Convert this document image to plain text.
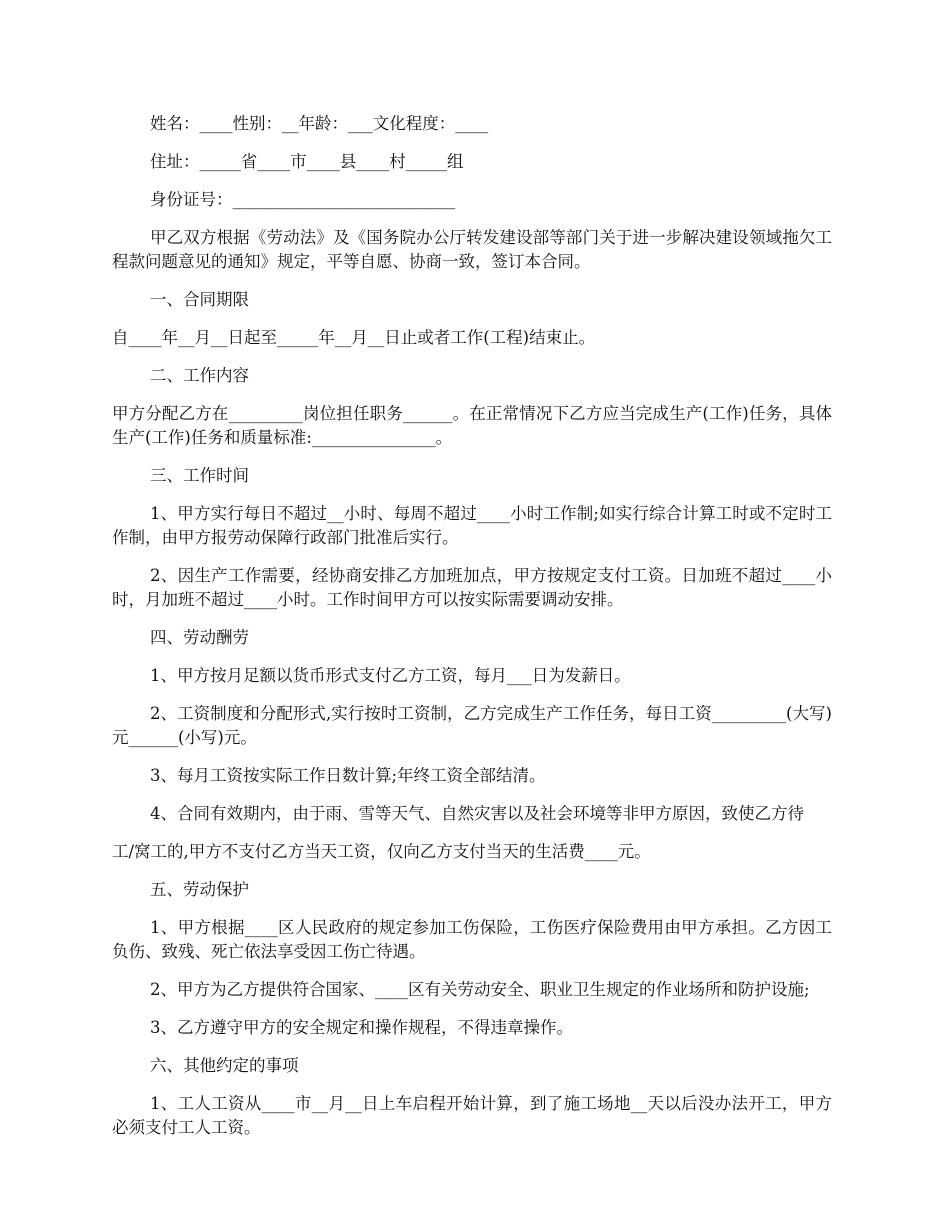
姓名：____性别：__年龄：___文化程度：____

住址：_____省____市____县____村_____组

身份证号：___________________________

甲乙双方根据《劳动法》及《国务院办公厅转发建设部等部门关于进一步解决建设领域拖欠工程款问题意见的通知》规定，平等自愿、协商一致，签订本合同。

一、合同期限

自____年__月__日起至_____年__月__日止或者工作(工程)结束止。

二、工作内容

甲方分配乙方在_________岗位担任职务______。在正常情况下乙方应当完成生产(工作)任务，具体生产(工作)任务和质量标准:_______________。

三、工作时间

1、甲方实行每日不超过__小时、每周不超过____小时工作制;如实行综合计算工时或不定时工作制，由甲方报劳动保障行政部门批准后实行。

2、因生产工作需要，经协商安排乙方加班加点，甲方按规定支付工资。日加班不超过____小时，月加班不超过____小时。工作时间甲方可以按实际需要调动安排。

四、劳动酬劳

1、甲方按月足额以货币形式支付乙方工资，每月___日为发薪日。

2、工资制度和分配形式,实行按时工资制，乙方完成生产工作任务，每日工资_________(大写)元______(小写)元。

3、每月工资按实际工作日数计算;年终工资全部结清。

4、合同有效期内，由于雨、雪等天气、自然灾害以及社会环境等非甲方原因，致使乙方待

工/窝工的,甲方不支付乙方当天工资，仅向乙方支付当天的生活费____元。

五、劳动保护

1、甲方根据____区人民政府的规定参加工伤保险，工伤医疗保险费用由甲方承担。乙方因工负伤、致残、死亡依法享受因工伤亡待遇。

2、甲方为乙方提供符合国家、____区有关劳动安全、职业卫生规定的作业场所和防护设施;

3、乙方遵守甲方的安全规定和操作规程，不得违章操作。

六、其他约定的事项

1、工人工资从____市__月__日上车启程开始计算，到了施工场地__天以后没办法开工，甲方必须支付工人工资。
